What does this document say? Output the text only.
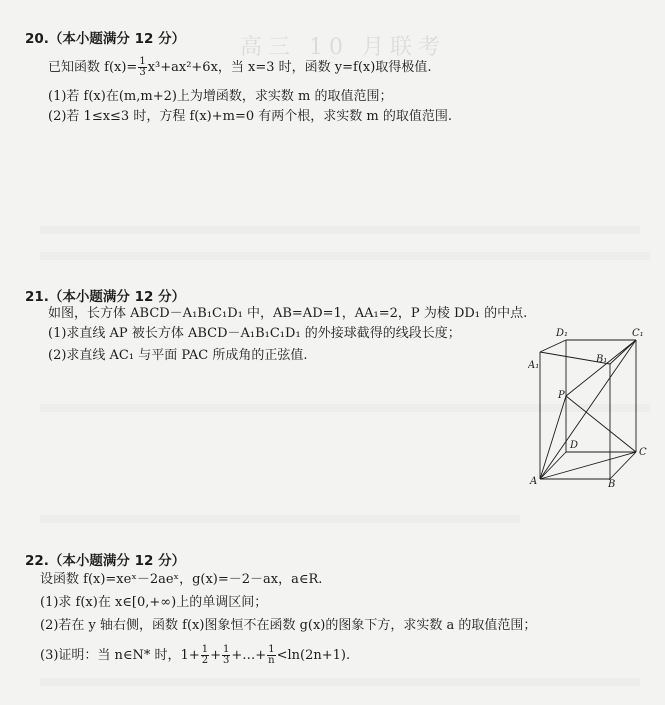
高三 10 月联考
20.（本小题满分 12 分）
已知函数 $f(x)= \frac{1}{3} x^3+ax^2+6x$，当 x=3 时，函数 y=f(x)取得极值.
(1)若 f(x)在(m,m+2)上为增函数，求实数 m 的取值范围；
(2)若 1≤x≤3 时，方程 f(x)+m=0 有两个根，求实数 m 的取值范围.
21.（本小题满分 12 分）
如图，长方体 ABCD－A₁B₁C₁D₁ 中，AB=AD=1，AA₁=2，P 为棱 DD₁ 的中点.
(1)求直线 AP 被长方体 ABCD－A₁B₁C₁D₁ 的外接球截得的线段长度；
(2)求直线 AC₁ 与平面 PAC 所成角的正弦值.
D₁	C₁
A₁
B₁
P
D
C
A	B
22.（本小题满分 12 分）
设函数 f(x)=xeˣ－2aeˣ，g(x)=－2－ax，a∈R.
(1)求 f(x)在 x∈[0,+∞)上的单调区间；
(2)若在 y 轴右侧，函数 f(x)图象恒不在函数 g(x)的图象下方，求实数 a 的取值范围；
(3)证明：当 n∈N* 时，$1+ \frac{1}{2} + \frac{1}{3}$ +…+ $\frac{1}{n} <\ln(2n+1)$.
